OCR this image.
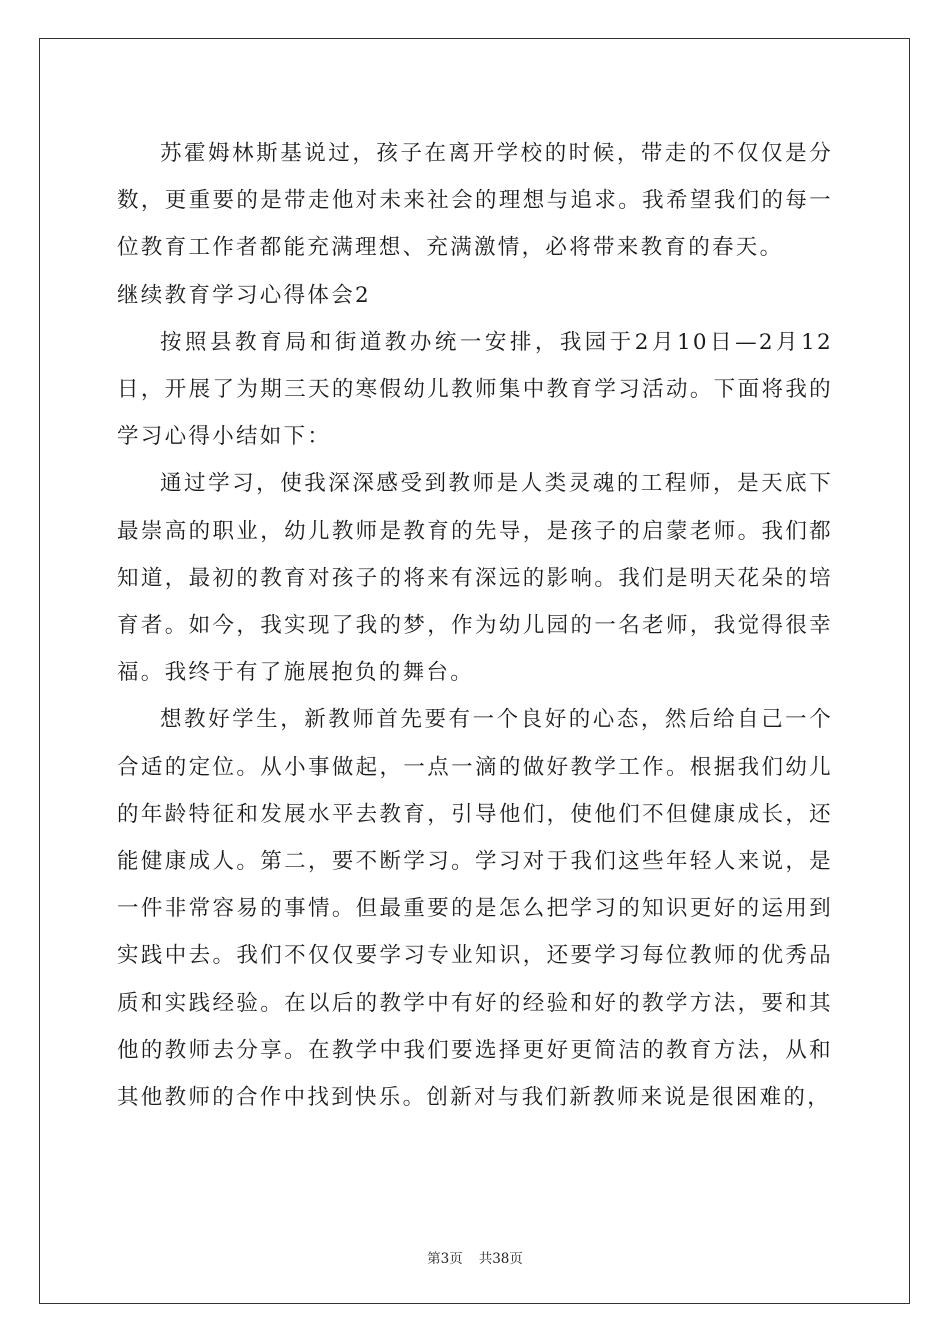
苏霍姆林斯基说过，孩子在离开学校的时候，带走的不仅仅是分数，更重要的是带走他对未来社会的理想与追求。我希望我们的每一位教育工作者都能充满理想、充满激情，必将带来教育的春天。

继续教育学习心得体会2

按照县教育局和街道教办统一安排，我园于2月10日—2月12日，开展了为期三天的寒假幼儿教师集中教育学习活动。下面将我的学习心得小结如下：

通过学习，使我深深感受到教师是人类灵魂的工程师，是天底下最崇高的职业，幼儿教师是教育的先导，是孩子的启蒙老师。我们都知道，最初的教育对孩子的将来有深远的影响。我们是明天花朵的培育者。如今，我实现了我的梦，作为幼儿园的一名老师，我觉得很幸福。我终于有了施展抱负的舞台。

想教好学生，新教师首先要有一个良好的心态，然后给自己一个合适的定位。从小事做起，一点一滴的做好教学工作。根据我们幼儿的年龄特征和发展水平去教育，引导他们，使他们不但健康成长，还能健康成人。第二，要不断学习。学习对于我们这些年轻人来说，是一件非常容易的事情。但最重要的是怎么把学习的知识更好的运用到实践中去。我们不仅仅要学习专业知识，还要学习每位教师的优秀品质和实践经验。在以后的教学中有好的经验和好的教学方法，要和其他的教师去分享。在教学中我们要选择更好更简洁的教育方法，从和其他教师的合作中找到快乐。创新对与我们新教师来说是很困难的，

第3页 共38页
